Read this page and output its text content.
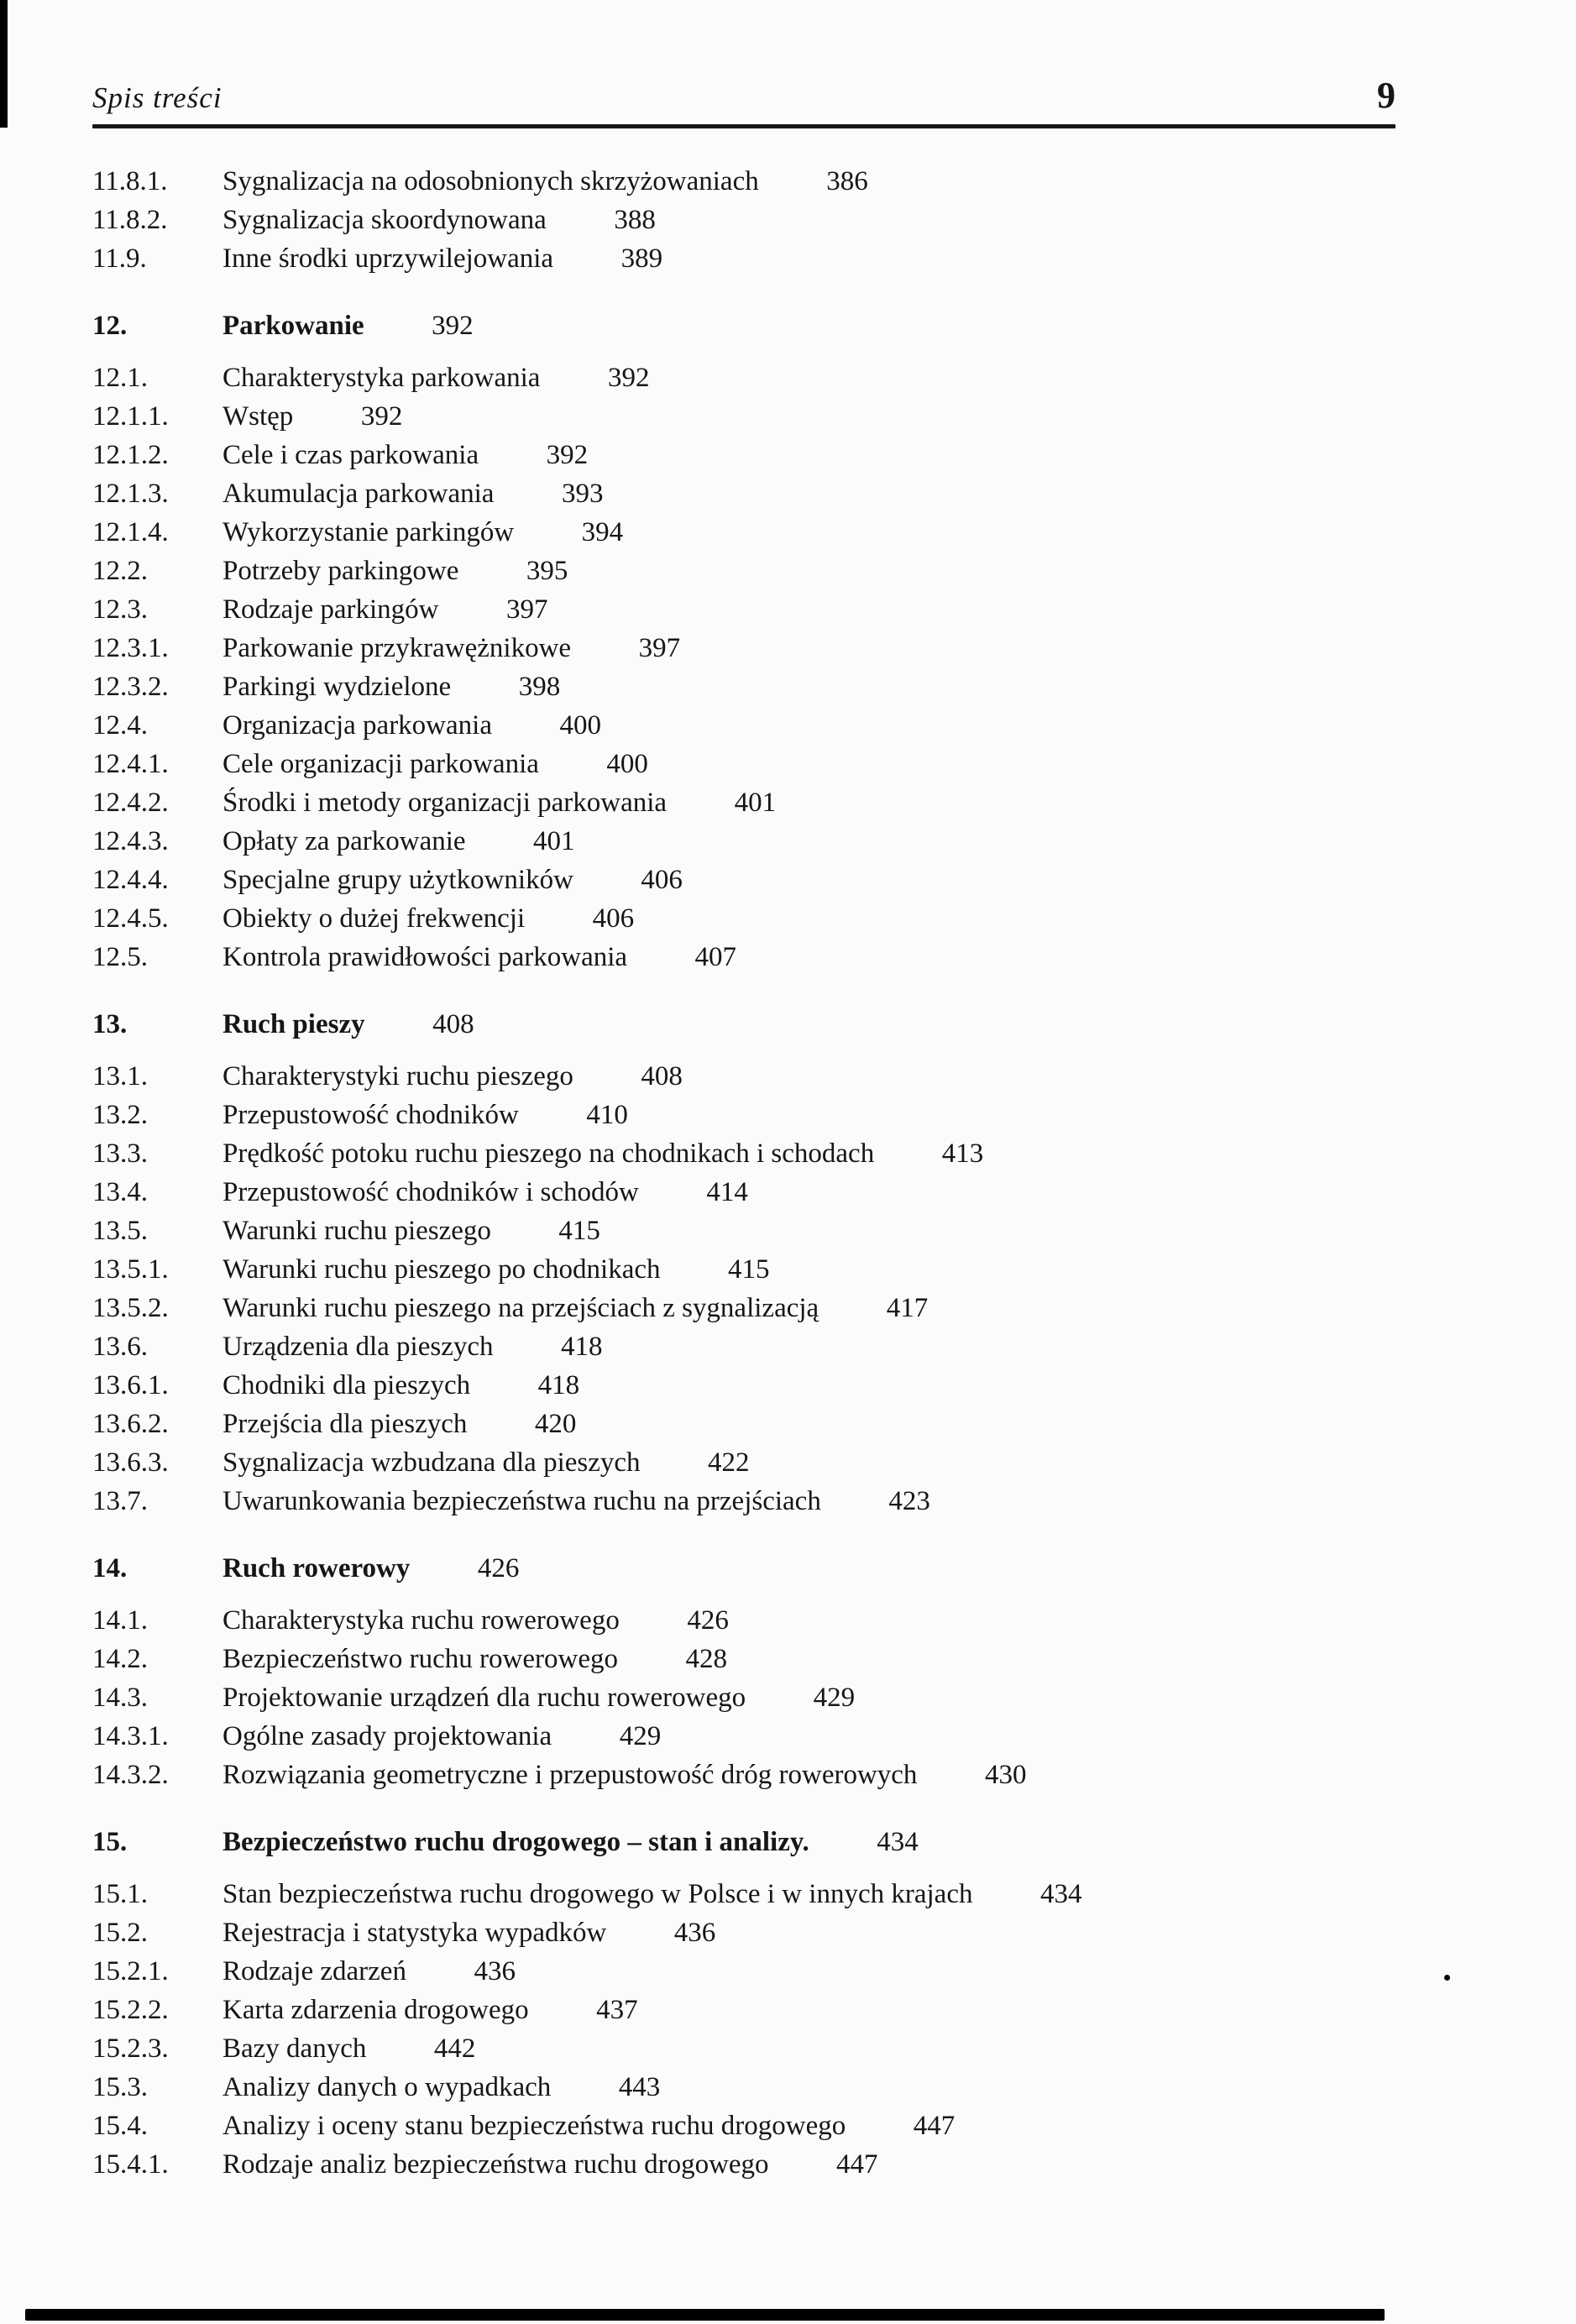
Spis treści	9
11.8.1.	Sygnalizacja na odosobnionych skrzyżowaniach	386
11.8.2.	Sygnalizacja skoordynowana	388
11.9.	Inne środki uprzywilejowania	389
12.	Parkowanie	392
12.1.	Charakterystyka parkowania	392
12.1.1.	Wstęp	392
12.1.2.	Cele i czas parkowania	392
12.1.3.	Akumulacja parkowania	393
12.1.4.	Wykorzystanie parkingów	394
12.2.	Potrzeby parkingowe	395
12.3.	Rodzaje parkingów	397
12.3.1.	Parkowanie przykrawężnikowe	397
12.3.2.	Parkingi wydzielone	398
12.4.	Organizacja parkowania	400
12.4.1.	Cele organizacji parkowania	400
12.4.2.	Środki i metody organizacji parkowania	401
12.4.3.	Opłaty za parkowanie	401
12.4.4.	Specjalne grupy użytkowników	406
12.4.5.	Obiekty o dużej frekwencji	406
12.5.	Kontrola prawidłowości parkowania	407
13.	Ruch pieszy	408
13.1.	Charakterystyki ruchu pieszego	408
13.2.	Przepustowość chodników	410
13.3.	Prędkość potoku ruchu pieszego na chodnikach i schodach	413
13.4.	Przepustowość chodników i schodów	414
13.5.	Warunki ruchu pieszego	415
13.5.1.	Warunki ruchu pieszego po chodnikach	415
13.5.2.	Warunki ruchu pieszego na przejściach z sygnalizacją	417
13.6.	Urządzenia dla pieszych	418
13.6.1.	Chodniki dla pieszych	418
13.6.2.	Przejścia dla pieszych	420
13.6.3.	Sygnalizacja wzbudzana dla pieszych	422
13.7.	Uwarunkowania bezpieczeństwa ruchu na przejściach	423
14.	Ruch rowerowy	426
14.1.	Charakterystyka ruchu rowerowego	426
14.2.	Bezpieczeństwo ruchu rowerowego	428
14.3.	Projektowanie urządzeń dla ruchu rowerowego	429
14.3.1.	Ogólne zasady projektowania	429
14.3.2.	Rozwiązania geometryczne i przepustowość dróg rowerowych	430
15.	Bezpieczeństwo ruchu drogowego – stan i analizy.	434
15.1.	Stan bezpieczeństwa ruchu drogowego w Polsce i w innych krajach	434
15.2.	Rejestracja i statystyka wypadków	436
15.2.1.	Rodzaje zdarzeń	436
15.2.2.	Karta zdarzenia drogowego	437
15.2.3.	Bazy danych	442
15.3.	Analizy danych o wypadkach	443
15.4.	Analizy i oceny stanu bezpieczeństwa ruchu drogowego	447
15.4.1.	Rodzaje analiz bezpieczeństwa ruchu drogowego	447
